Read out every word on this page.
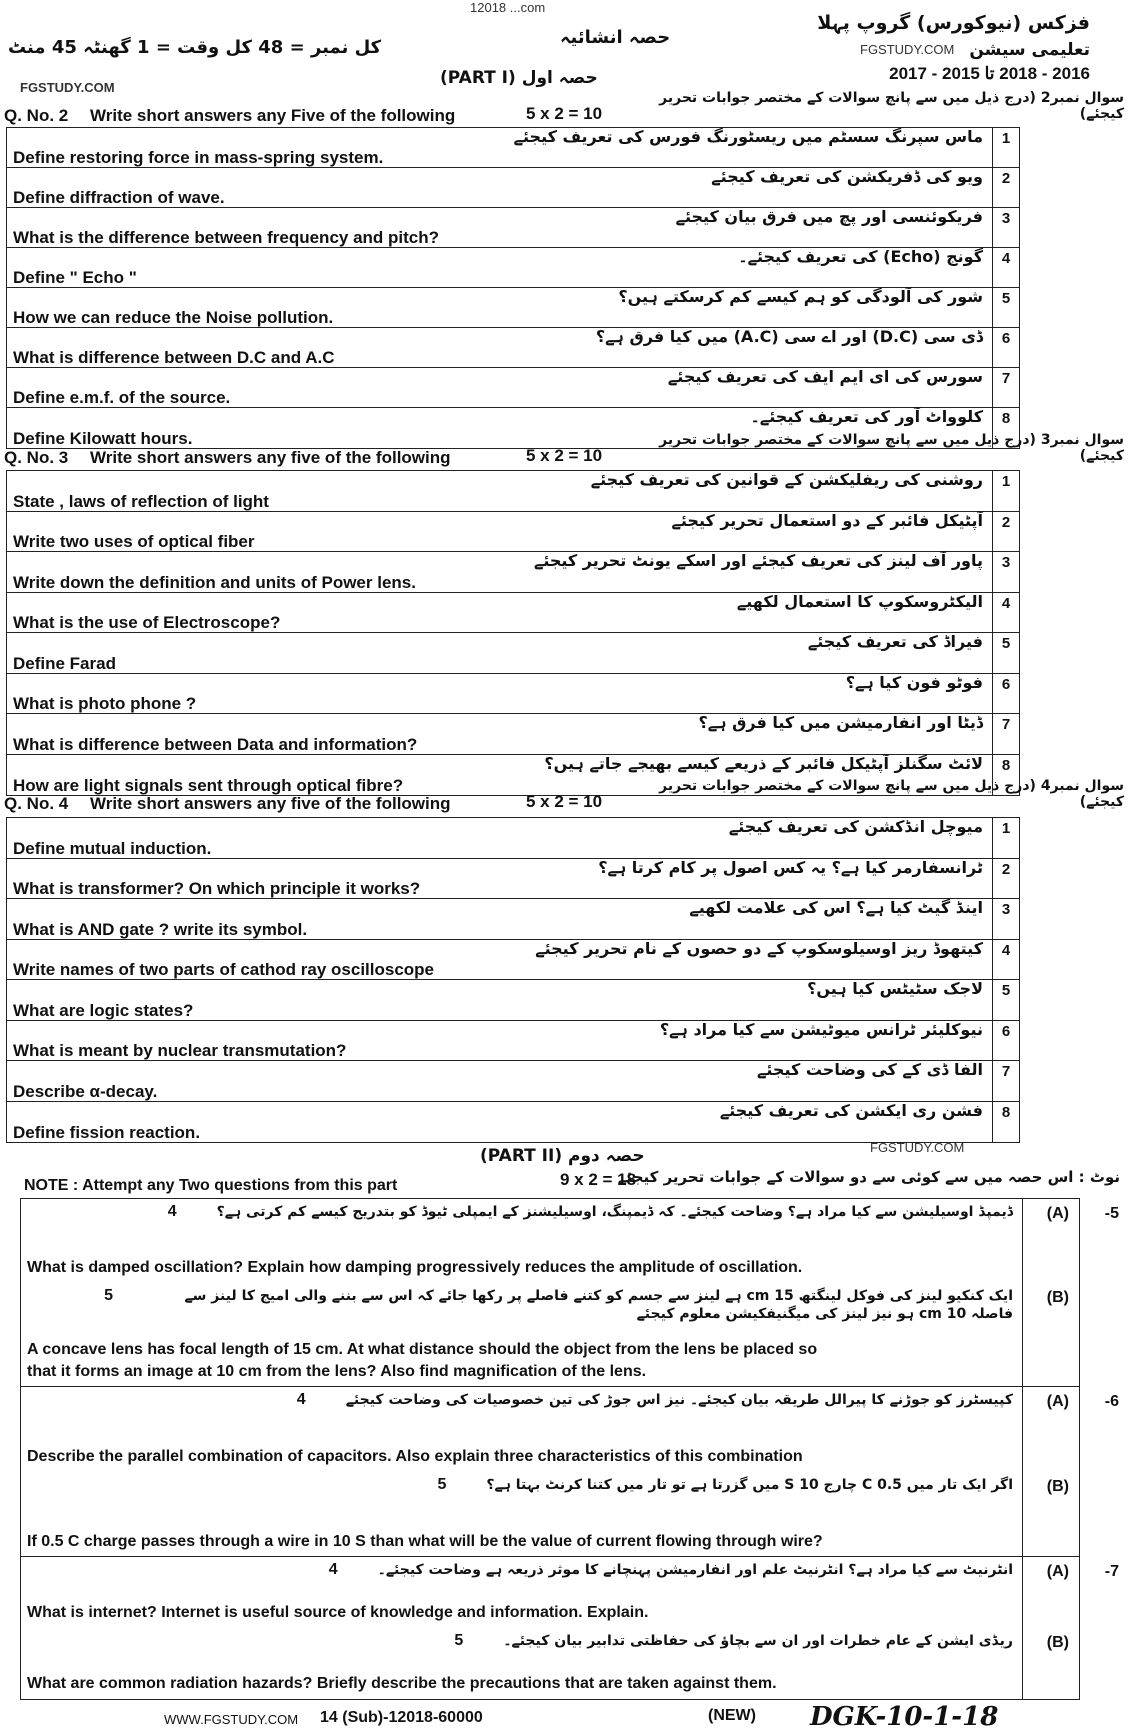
12018 ...com
فزکس (نیوکورس) گروپ پہلا
تعلیمی سیشن
2016 - 2018 تا 2015 - 2017
FGSTUDY.COM
حصہ انشائیہ
کل نمبر = 48 کل وقت = 1 گھنٹہ 45 منٹ
حصہ اول (PART I)
FGSTUDY.COM
Q. No. 2 Write short answers any Five of the following	5 x 2 = 10
سوال نمبر2 (درج ذیل میں سے پانچ سوالات کے مختصر جوابات تحریر کیجئے)
1
ماس سپرنگ سسٹم میں ریسٹورنگ فورس کی تعریف کیجئے
Define restoring force in mass-spring system.
2
ویو کی ڈفریکشن کی تعریف کیجئے
Define diffraction of wave.
3
فریکوئنسی اور پچ میں فرق بیان کیجئے
What is the difference between frequency and pitch?
4
گونج (Echo) کی تعریف کیجئے۔
Define " Echo "
5
شور کی آلودگی کو ہم کیسے کم کرسکتے ہیں؟
How we can reduce the Noise pollution.
6
ڈی سی (D.C) اور اے سی (A.C) میں کیا فرق ہے؟
What is difference between D.C and A.C
7
سورس کی ای ایم ایف کی تعریف کیجئے
Define e.m.f. of the source.
8
کلوواٹ آور کی تعریف کیجئے۔
Define Kilowatt hours.
Q. No. 3 Write short answers any five of the following	5 x 2 = 10
سوال نمبر3 (درج ذیل میں سے پانچ سوالات کے مختصر جوابات تحریر کیجئے)
1
روشنی کی ریفلیکشن کے قوانین کی تعریف کیجئے
State , laws of reflection of light
2
آپٹیکل فائبر کے دو استعمال تحریر کیجئے
Write two uses of optical fiber
3
پاور آف لینز کی تعریف کیجئے اور اسکے یونٹ تحریر کیجئے
Write down the definition and units of Power lens.
4
الیکٹروسکوپ کا استعمال لکھیے
What is the use of Electroscope?
5
فیراڈ کی تعریف کیجئے
Define Farad
6
فوٹو فون کیا ہے؟
What is photo phone ?
7
ڈیٹا اور انفارمیشن میں کیا فرق ہے؟
What is difference between Data and information?
8
لائٹ سگنلز آپٹیکل فائبر کے ذریعے کیسے بھیجے جاتے ہیں؟
How are light signals sent through optical fibre?
Q. No. 4 Write short answers any five of the following	5 x 2 = 10
سوال نمبر4 (درج ذیل میں سے پانچ سوالات کے مختصر جوابات تحریر کیجئے)
1
میوچل انڈکشن کی تعریف کیجئے
Define mutual induction.
2
ٹرانسفارمر کیا ہے؟ یہ کس اصول پر کام کرتا ہے؟
What is transformer? On which principle it works?
3
اینڈ گیٹ کیا ہے؟ اس کی علامت لکھیے
What is AND gate ? write its symbol.
4
کیتھوڈ ریز اوسیلوسکوپ کے دو حصوں کے نام تحریر کیجئے
Write names of two parts of cathod ray oscilloscope
5
لاجک سٹیٹس کیا ہیں؟
What are logic states?
6
نیوکلیئر ٹرانس میوٹیشن سے کیا مراد ہے؟
What is meant by nuclear transmutation?
7
الفا ڈی کے کی وضاحت کیجئے
Describe α-decay.
8
فشن ری ایکشن کی تعریف کیجئے
Define fission reaction.
حصہ دوم (PART II)
NOTE : Attempt any Two questions from this part	9 x 2 = 18
نوٹ : اس حصہ میں سے کوئی سے دو سوالات کے جوابات تحریر کیجئے
FGSTUDY.COM
-5
(A)
ڈیمپڈ اوسیلیشن سے کیا مراد ہے؟ وضاحت کیجئے۔ کہ ڈیمپنگ، اوسیلیشنز کے ایمپلی ٹیوڈ کو بتدریج کیسے کم کرتی ہے؟
4
What is damped oscillation? Explain how damping progressively reduces the amplitude of oscillation.
(B)
ایک کنکیو لینز کی فوکل لینگتھ 15 cm ہے لینز سے جسم کو کتنے فاصلے پر رکھا جائے کہ اس سے بننے والی امیج کا لینز سے فاصلہ 10 cm ہو نیز لینز کی میگنیفکیشن معلوم کیجئے
5
A concave lens has focal length of 15 cm. At what distance should the object from the lens be placed so
that it forms an image at 10 cm from the lens? Also find magnification of the lens.
-6
(A)
کپیسٹرز کو جوڑنے کا پیرالل طریقہ بیان کیجئے۔ نیز اس جوڑ کی تین خصوصیات کی وضاحت کیجئے
4
Describe the parallel combination of capacitors. Also explain three characteristics of this combination
(B)
اگر ایک تار میں 0.5 C چارج 10 S میں گزرتا ہے تو تار میں کتنا کرنٹ بہتا ہے؟
5
If 0.5 C charge passes through a wire in 10 S than what will be the value of current flowing through wire?
-7
(A)
انٹرنیٹ سے کیا مراد ہے؟ انٹرنیٹ علم اور انفارمیشن پہنچانے کا موثر ذریعہ ہے وضاحت کیجئے۔
4
What is internet? Internet is useful source of knowledge and information. Explain.
(B)
ریڈی ایشن کے عام خطرات اور ان سے بچاؤ کی حفاظتی تدابیر بیان کیجئے۔
5
What are common radiation hazards? Briefly describe the precautions that are taken against them.
WWW.FGSTUDY.COM 14 (Sub)-12018-60000	(NEW) DGK-10-1-18
